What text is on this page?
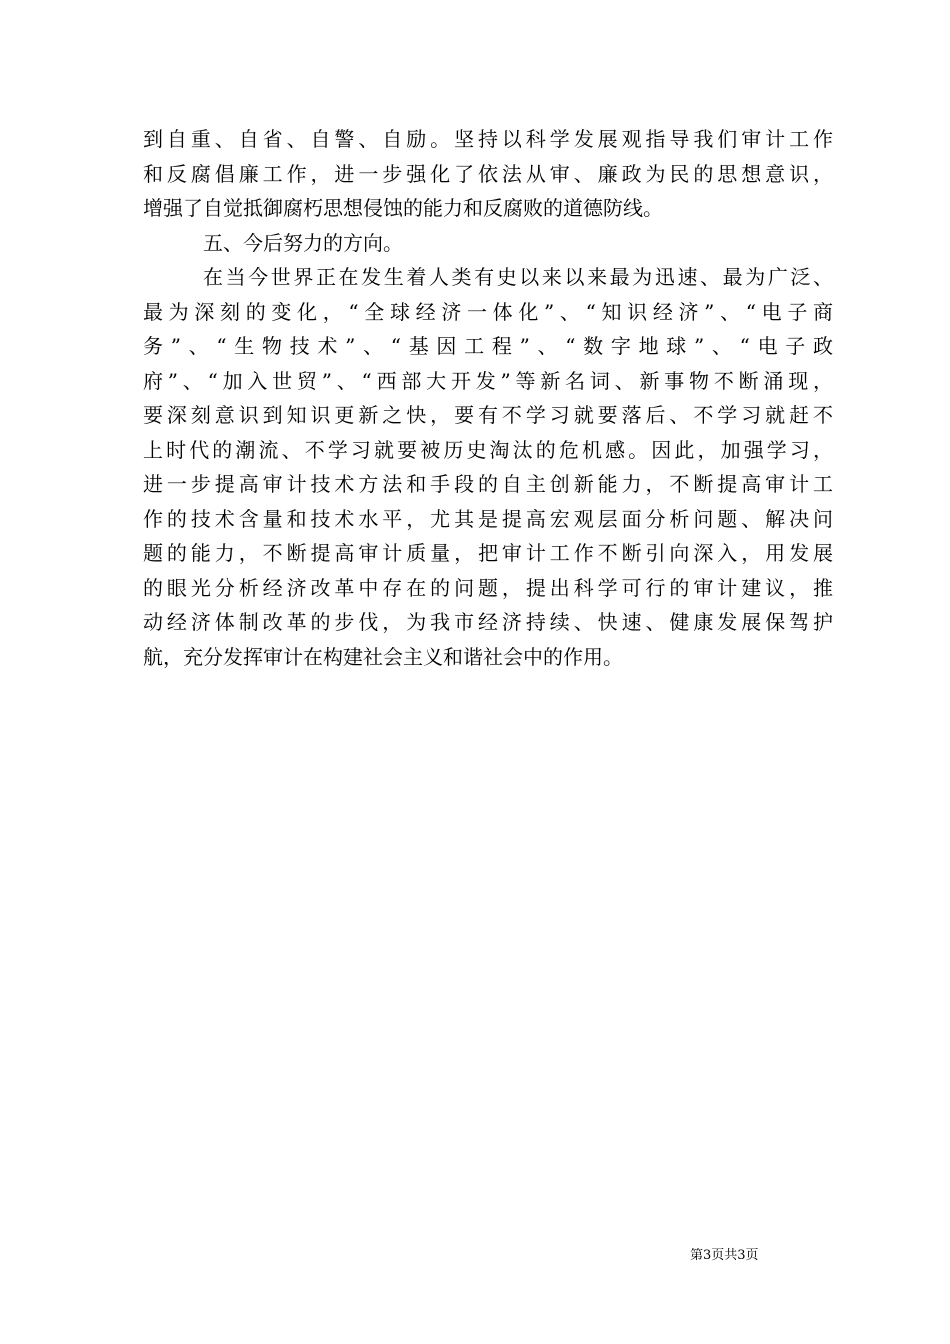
到自重、自省、自警、自励。坚持以科学发展观指导我们审计工作
和反腐倡廉工作，进一步强化了依法从审、廉政为民的思想意识，
增强了自觉抵御腐朽思想侵蚀的能力和反腐败的道德防线。
五、今后努力的方向。
在当今世界正在发生着人类有史以来以来最为迅速、最为广泛、
最为深刻的变化，“全球经济一体化”、“知识经济”、“电子商
务”、“生物技术”、“基因工程”、“数字地球”、“电子政
府”、“加入世贸”、“西部大开发”等新名词、新事物不断涌现，
要深刻意识到知识更新之快，要有不学习就要落后、不学习就赶不
上时代的潮流、不学习就要被历史淘汰的危机感。因此，加强学习，
进一步提高审计技术方法和手段的自主创新能力，不断提高审计工
作的技术含量和技术水平，尤其是提高宏观层面分析问题、解决问
题的能力，不断提高审计质量，把审计工作不断引向深入，用发展
的眼光分析经济改革中存在的问题，提出科学可行的审计建议，推
动经济体制改革的步伐，为我市经济持续、快速、健康发展保驾护
航，充分发挥审计在构建社会主义和谐社会中的作用。
第3页共3页
